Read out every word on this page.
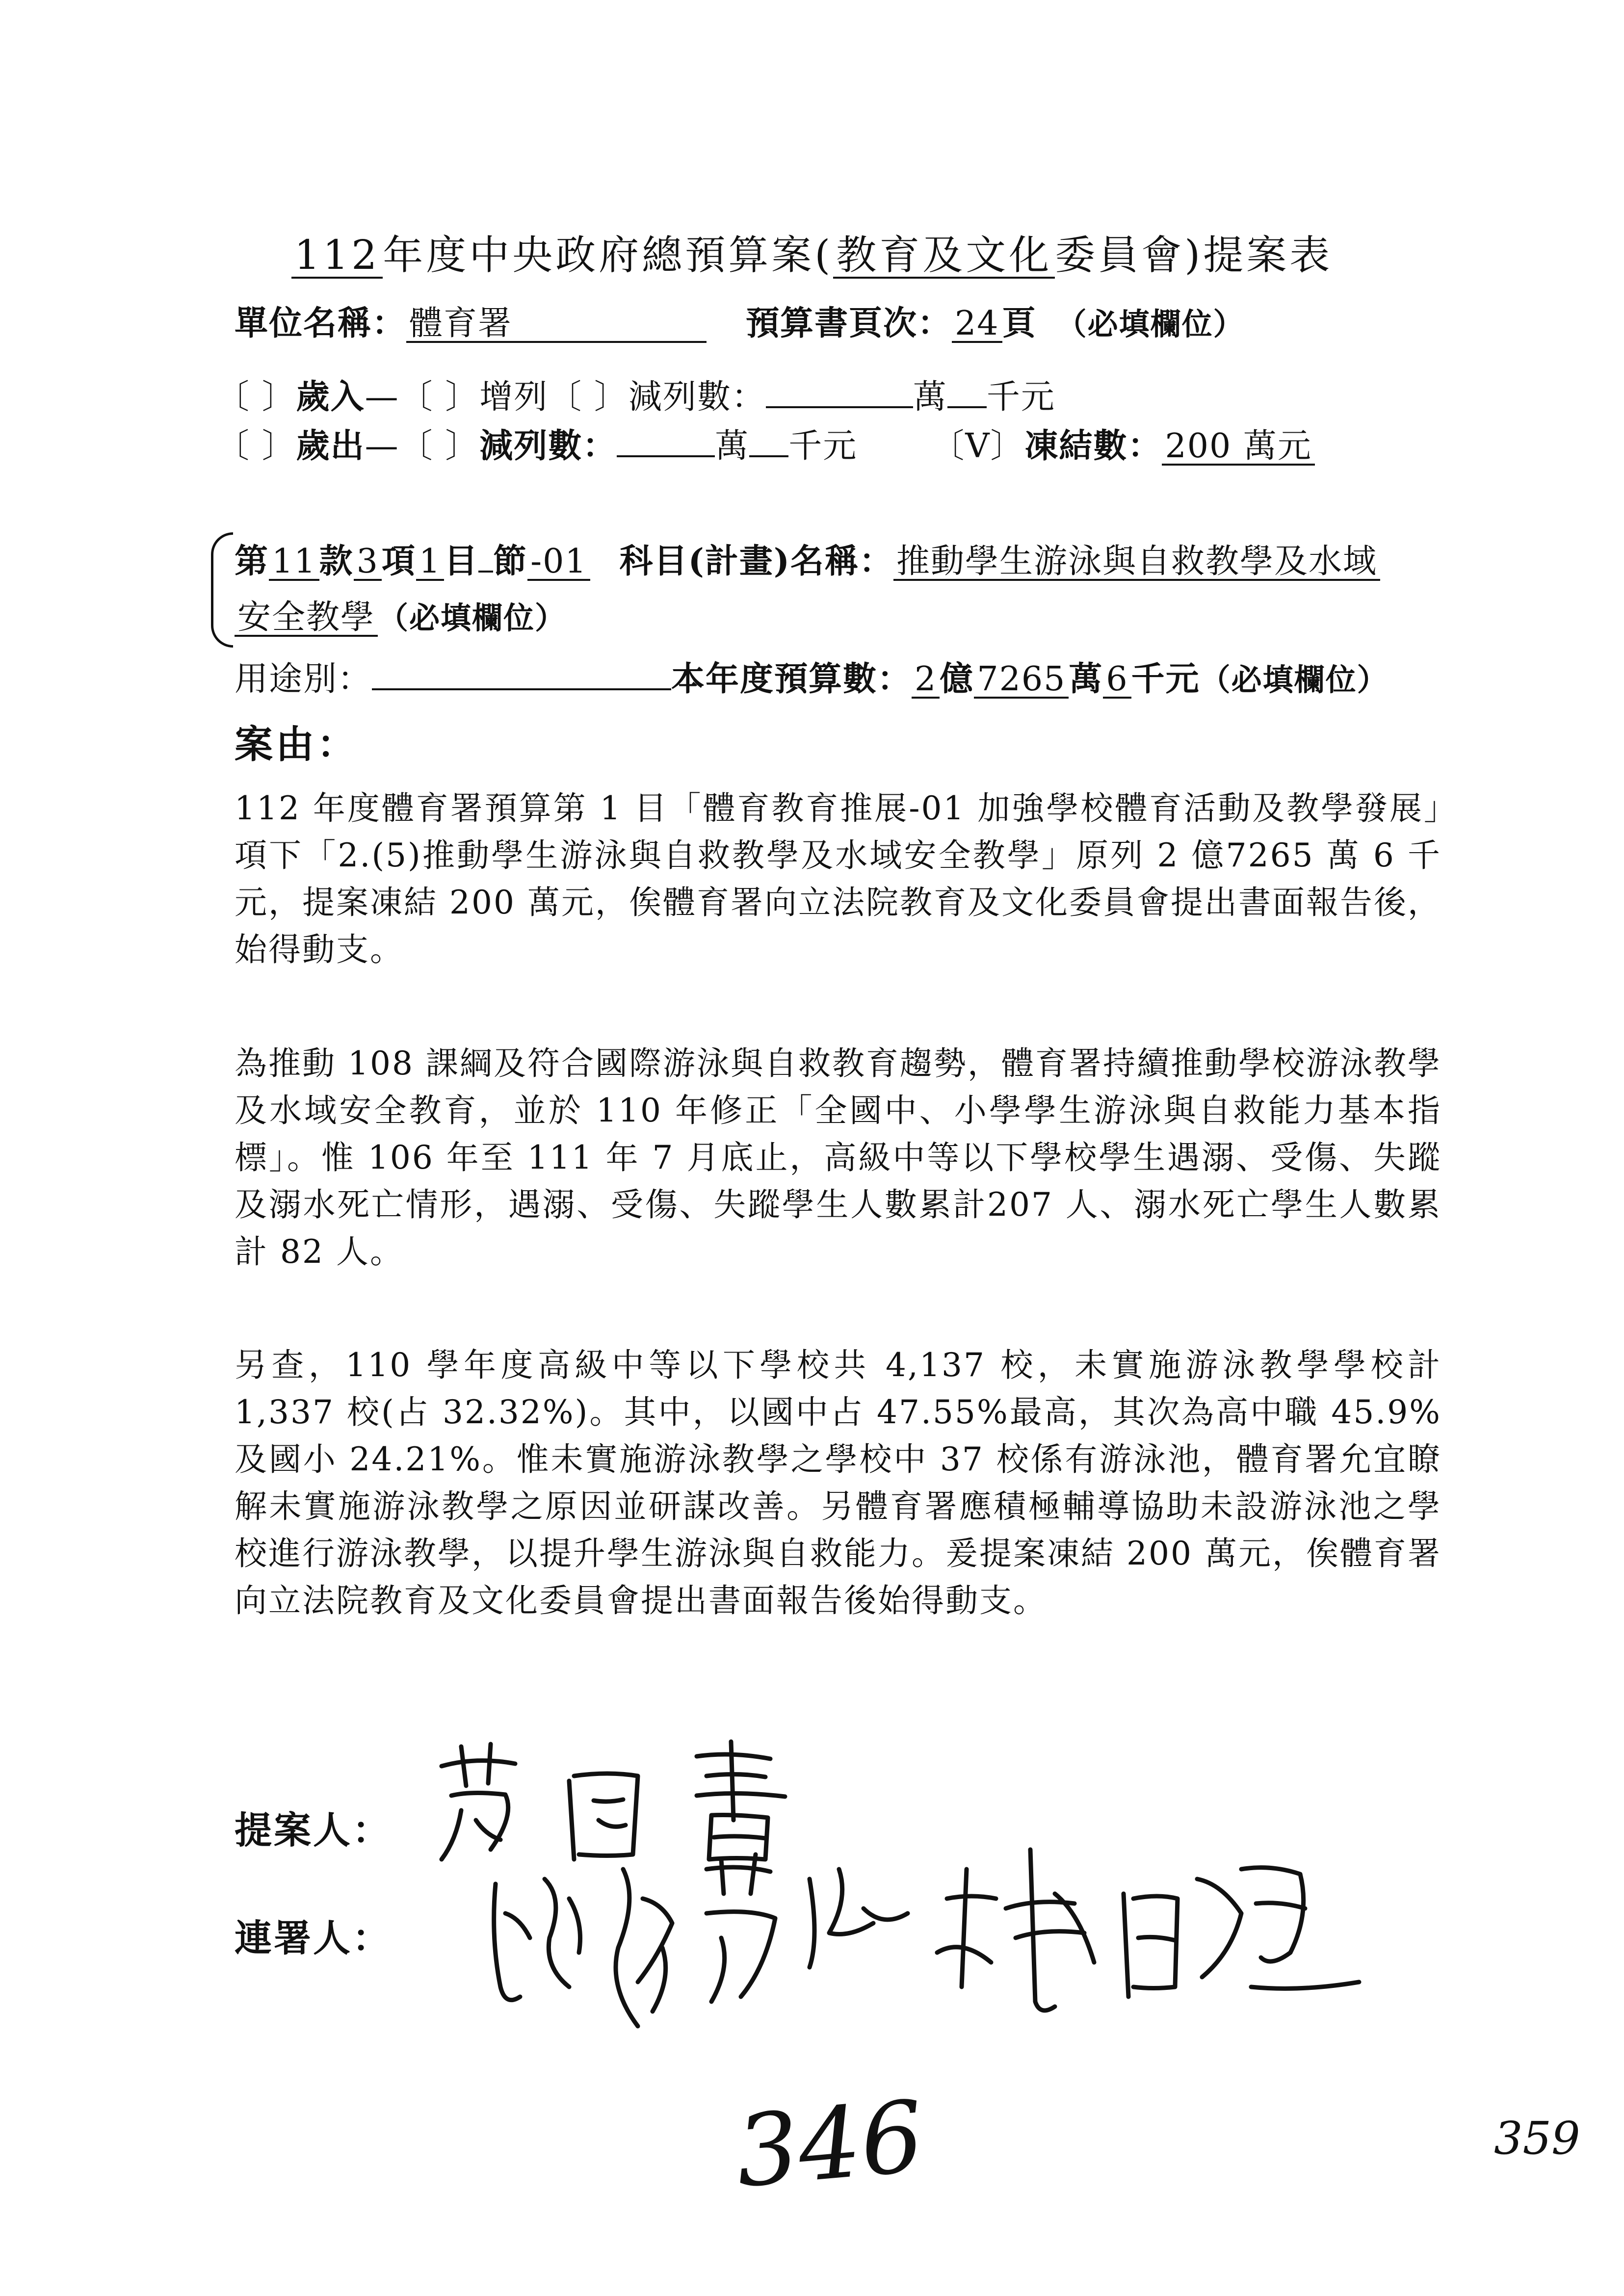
112年度中央政府總預算案(教育及文化委員會)提案表
單位名稱：體育署	預算書頁次：24頁 （必填欄位）
〔 〕歲入—〔 〕增列〔 〕減列數：	萬 千元
〔 〕歲出—〔 〕減列數：	萬 千元 〔V〕凍結數：200 萬元
第11款3項1目 節-01 科目(計畫)名稱：推動學生游泳與自救教學及水域
安全教學（必填欄位）
用途別：	本年度預算數：2億7265萬6千元（必填欄位）
案由：
112 年度體育署預算第 1 目「體育教育推展-01 加強學校體育活動及教學發展」項下「2.(5)推動學生游泳與自救教學及水域安全教學」原列 2 億7265 萬 6 千元，提案凍結 200 萬元，俟體育署向立法院教育及文化委員會提出書面報告後，始得動支。
為推動 108 課綱及符合國際游泳與自救教育趨勢，體育署持續推動學校游泳教學及水域安全教育，並於 110 年修正「全國中、小學學生游泳與自救能力基本指標」。惟 106 年至 111 年 7 月底止，高級中等以下學校學生遇溺、受傷、失蹤及溺水死亡情形，遇溺、受傷、失蹤學生人數累計207 人、溺水死亡學生人數累計 82 人。
另查，110 學年度高級中等以下學校共 4,137 校，未實施游泳教學學校計1,337 校(占 32.32%)。其中，以國中占 47.55%最高，其次為高中職 45.9%及國小 24.21%。惟未實施游泳教學之學校中 37 校係有游泳池，體育署允宜瞭解未實施游泳教學之原因並研謀改善。另體育署應積極輔導協助未設游泳池之學校進行游泳教學，以提升學生游泳與自救能力。爰提案凍結 200 萬元，俟體育署向立法院教育及文化委員會提出書面報告後始得動支。
提案人：
連署人：
346	359
